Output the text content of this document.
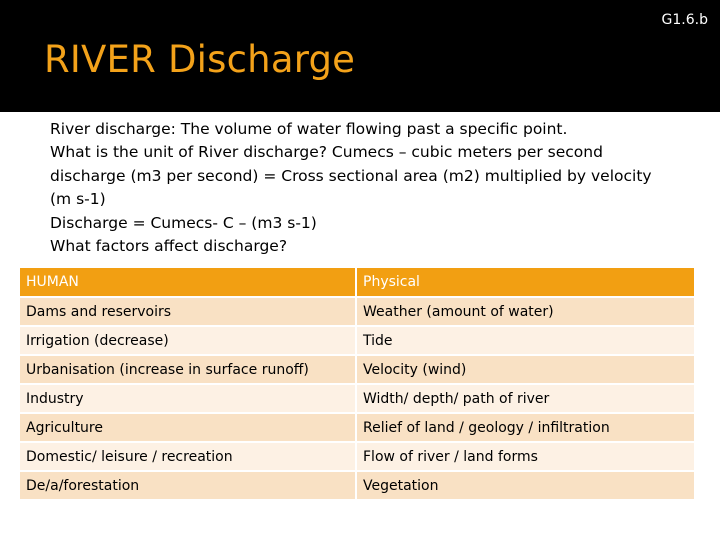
G1.6.b
RIVER Discharge
River discharge: The volume of water flowing past a specific point.
What is the unit of River discharge? Cumecs – cubic meters per second
discharge (m3 per second) = Cross sectional area (m2) multiplied by velocity
(m s-1)
Discharge = Cumecs- C – (m3 s-1)
What factors affect discharge?
HUMAN	Physical
Dams and reservoirs	Weather (amount of water)
Irrigation (decrease)	Tide
Urbanisation (increase in surface runoff)	Velocity (wind)
Industry	Width/ depth/ path of river
Agriculture	Relief of land / geology / infiltration
Domestic/ leisure / recreation	Flow of river / land forms
De/a/forestation	Vegetation
